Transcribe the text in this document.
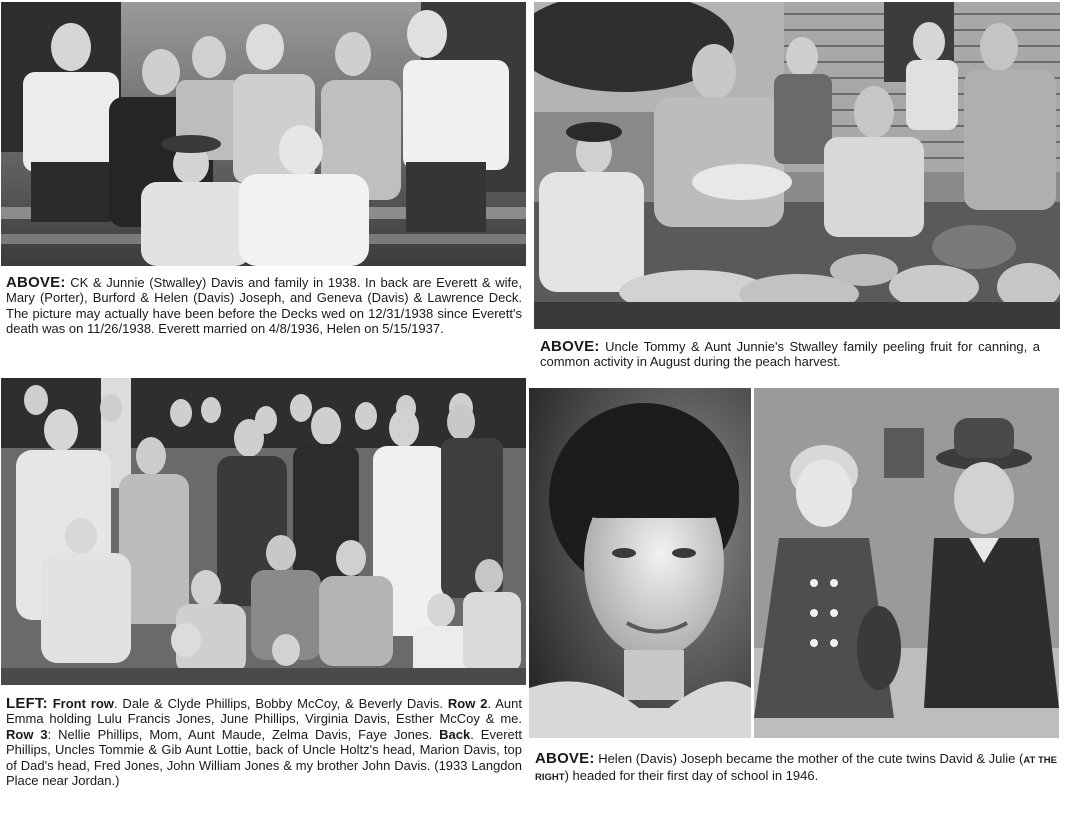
ABOVE: CK & Junnie (Stwalley) Davis and family in 1938. In back are Everett & wife, Mary (Porter), Burford & Helen (Davis) Joseph, and Geneva (Davis) & Lawrence Deck. The picture may actually have been before the Decks wed on 12/31/1938 since Everett's death was on 11/26/1938. Everett married on 4/8/1936, Helen on 5/15/1937.

ABOVE: Uncle Tommy & Aunt Junnie's Stwalley family peeling fruit for canning, a common activity in August during the peach harvest.

LEFT: Front row. Dale & Clyde Phillips, Bobby McCoy, & Beverly Davis. Row 2. Aunt Emma holding Lulu Francis Jones, June Phillips, Virginia Davis, Esther McCoy & me. Row 3: Nellie Phillips, Mom, Aunt Maude, Zelma Davis, Faye Jones. Back. Everett Phillips, Uncles Tommie & Gib Aunt Lottie, back of Uncle Holtz's head, Marion Davis, top of Dad's head, Fred Jones, John William Jones & my brother John Davis. (1933 Langdon Place near Jordan.)

ABOVE: Helen (Davis) Joseph became the mother of the cute twins David & Julie (AT THE RIGHT) headed for their first day of school in 1946.
